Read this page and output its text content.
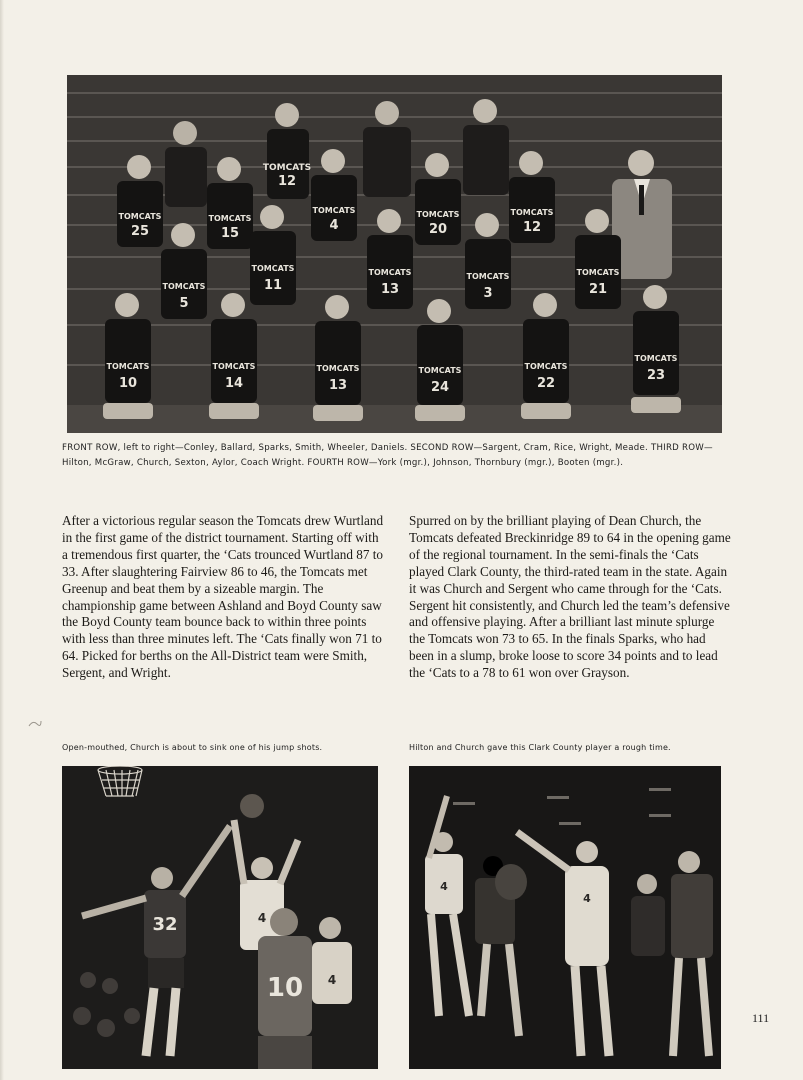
TOMCATS
12
TOMCATS
25
TOMCATS
15
TOMCATS
4
TOMCATS
20
TOMCATS
12
TOMCATS
5
TOMCATS
11
TOMCATS
13
TOMCATS
3
TOMCATS
21
TOMCATS
10
TOMCATS
14
TOMCATS
13
TOMCATS
24
TOMCATS
22
TOMCATS
23
FRONT ROW, left to right—Conley, Ballard, Sparks, Smith, Wheeler, Daniels. SECOND ROW—Sargent, Cram, Rice, Wright, Meade. THIRD ROW—Hilton, McGraw, Church, Sexton, Aylor, Coach Wright. FOURTH ROW—York (mgr.), Johnson, Thornbury (mgr.), Booten (mgr.).

After a victorious regular season the Tomcats drew Wurtland in the first game of the district tournament. Starting off with a tremendous first quarter, the ‘Cats trounced Wurtland 87 to 33. After slaughtering Fairview 86 to 46, the Tomcats met Greenup and beat them by a sizeable margin. The championship game between Ashland and Boyd County saw the Boyd County team bounce back to within three points with less than three minutes left. The ‘Cats finally won 71 to 64. Picked for berths on the All-District team were Smith, Sergent, and Wright.

Spurred on by the brilliant playing of Dean Church, the Tomcats defeated Breckinridge 89 to 64 in the opening game of the regional tournament. In the semi-finals the ‘Cats played Clark County, the third-rated team in the state. Again it was Church and Sergent who came through for the ‘Cats. Sergent hit consistently, and Church led the team’s defensive and offensive playing. After a brilliant last minute splurge the Tomcats won 73 to 65. In the finals Sparks, who had been in a slump, broke loose to score 34 points and to lead the ‘Cats to a 78 to 61 won over Grayson.

Open-mouthed, Church is about to sink one of his jump shots.	Hilton and Church gave this Clark County player a rough time.
32	4
10 4
4
4
111
